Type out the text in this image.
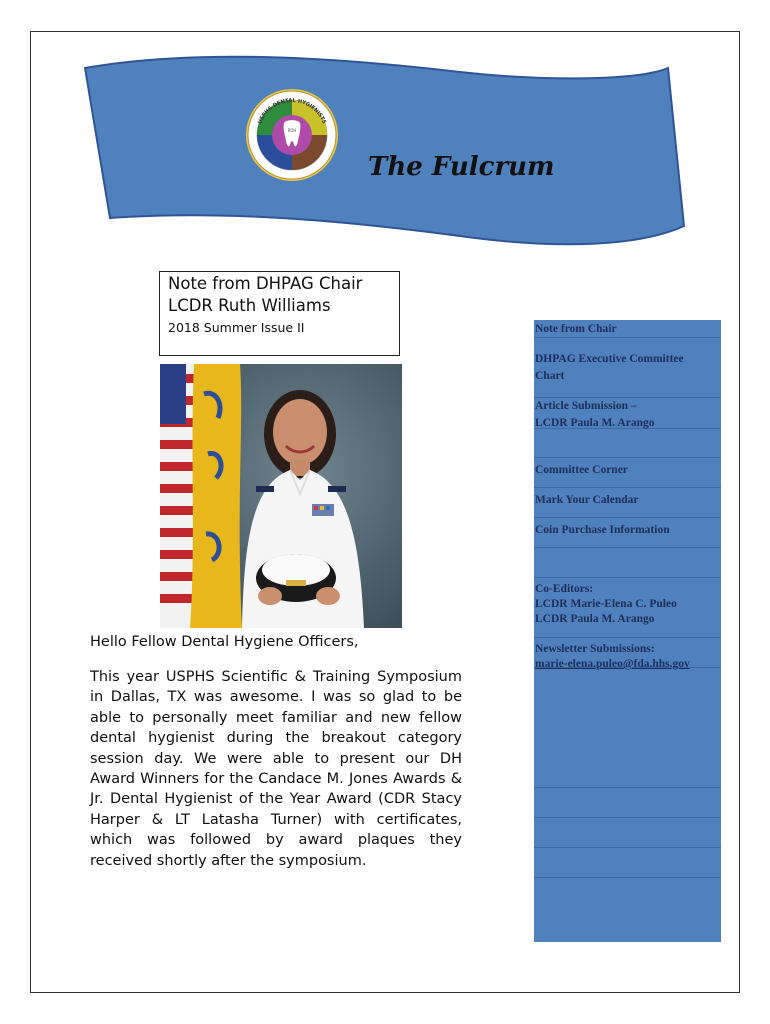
The Fulcrum
RDH
USPHS DENTAL HYGIENISTS
Note from DHPAG Chair
LCDR Ruth Williams
2018 Summer Issue II
Hello Fellow Dental Hygiene Officers,
This year USPHS Scientific & Training Symposium in Dallas, TX was awesome. I was so glad to be able to personally meet familiar and new fellow dental hygienist during the breakout category session day. We were able to present our DH Award Winners for the Candace M. Jones Awards & Jr. Dental Hygienist of the Year Award (CDR Stacy Harper & LT Latasha Turner) with certificates, which was followed by award plaques they received shortly after the symposium.
Note from Chair
DHPAG Executive Committee
Chart
Article Submission –
LCDR Paula M. Arango
Committee Corner
Mark Your Calendar
Coin Purchase Information
Co-Editors:
LCDR Marie-Elena C. Puleo
LCDR Paula M. Arango
Newsletter Submissions:
marie-elena.puleo@fda.hhs.gov
